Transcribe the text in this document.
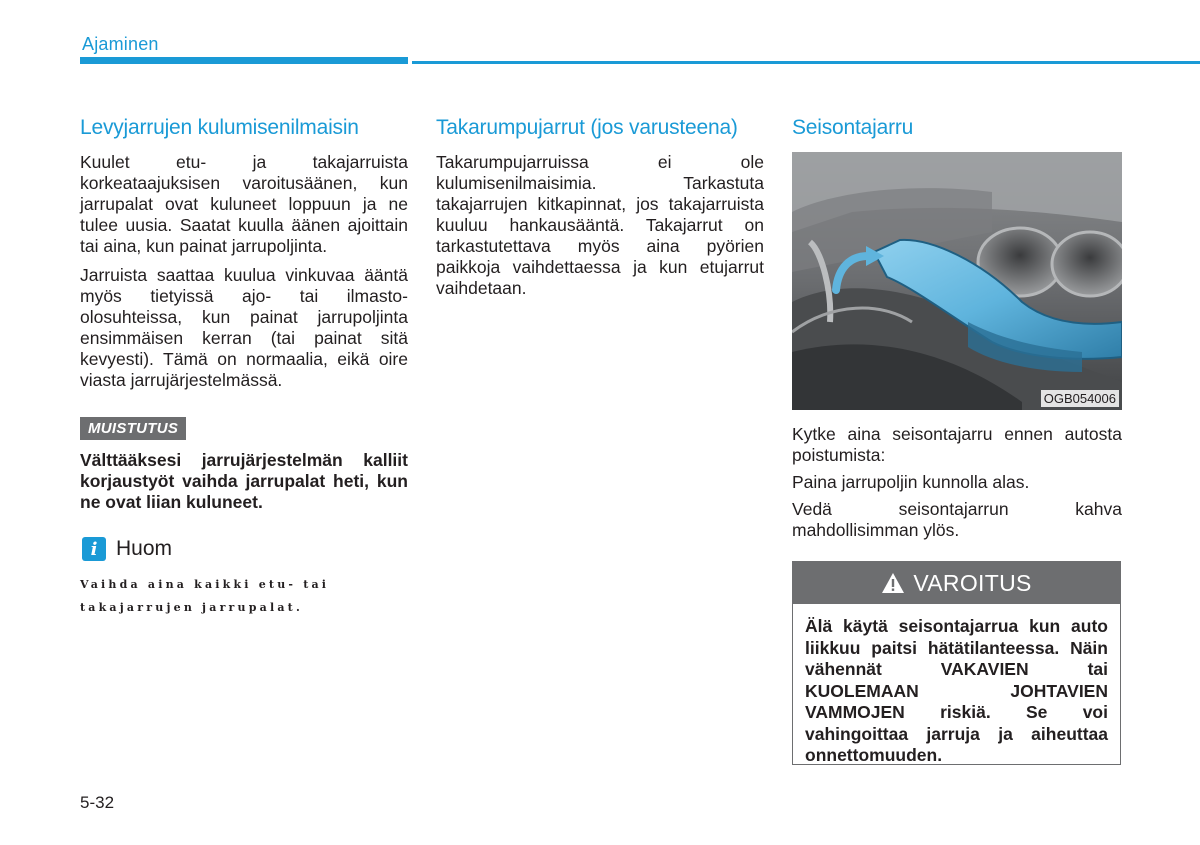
Ajaminen
Levyjarrujen kulumisenilmaisin

Kuulet etu- ja takajarruista korkeataajuksisen varoitusäänen, kun jarrupalat ovat kuluneet loppuun ja ne tulee uusia. Saatat kuulla äänen ajoittain tai aina, kun painat jarrupoljinta.

Jarruista saattaa kuulua vinkuvaa ääntä myös tietyissä ajo- tai ilmasto-olosuhteissa, kun painat jarrupoljinta ensimmäisen kerran (tai painat sitä kevyesti). Tämä on normaalia, eikä oire viasta jarrujärjestelmässä.

MUISTUTUS
Välttääksesi jarrujärjestelmän kalliit korjaustyöt vaihda jarrupalat heti, kun ne ovat liian kuluneet.
i Huom
Vaihda aina kaikki etu- tai takajarrujen jarrupalat.
Takarumpujarrut (jos varusteena)

Takarumpujarruissa ei ole kulumisenilmaisimia. Tarkastuta takajarrujen kitkapinnat, jos takajarruista kuuluu hankausääntä. Takajarrut on tarkastutettava myös aina pyörien paikkoja vaihdettaessa ja kun etujarrut vaihdetaan.

Seisontajarru
OGB054006

Kytke aina seisontajarru ennen autosta poistumista:

Paina jarrupoljin kunnolla alas.

Vedä seisontajarrun kahva mahdollisimman ylös.

VAROITUS
Älä käytä seisontajarrua kun auto liikkuu paitsi hätätilanteessa. Näin vähennät VAKAVIEN tai KUOLEMAAN JOHTAVIEN VAMMOJEN riskiä. Se voi vahingoittaa jarruja ja aiheuttaa onnettomuuden.
5-32
